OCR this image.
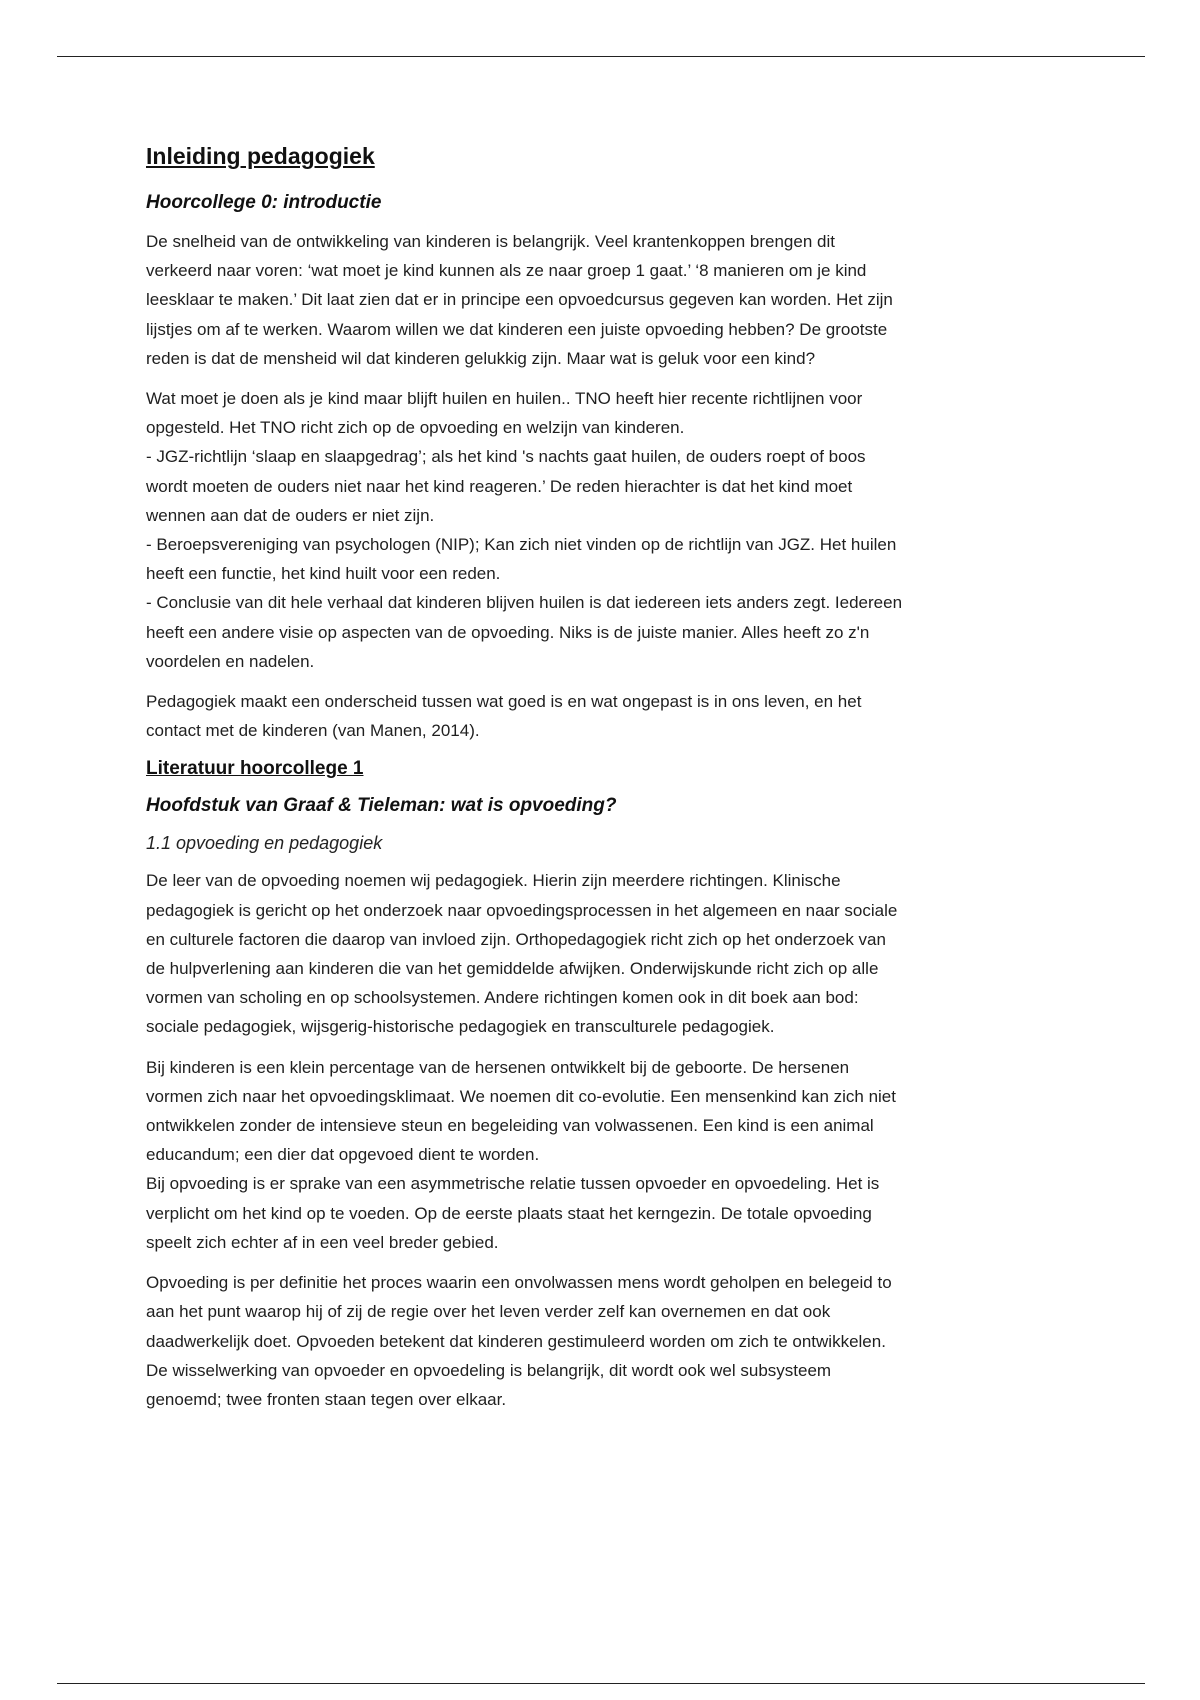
Inleiding pedagogiek
Hoorcollege 0: introductie

De snelheid van de ontwikkeling van kinderen is belangrijk. Veel krantenkoppen brengen dit
verkeerd naar voren: ‘wat moet je kind kunnen als ze naar groep 1 gaat.’ ‘8 manieren om je kind
leesklaar te maken.’ Dit laat zien dat er in principe een opvoedcursus gegeven kan worden. Het zijn
lijstjes om af te werken. Waarom willen we dat kinderen een juiste opvoeding hebben? De grootste
reden is dat de mensheid wil dat kinderen gelukkig zijn. Maar wat is geluk voor een kind?

Wat moet je doen als je kind maar blijft huilen en huilen.. TNO heeft hier recente richtlijnen voor
opgesteld. Het TNO richt zich op de opvoeding en welzijn van kinderen.
- JGZ-richtlijn ‘slaap en slaapgedrag’; als het kind 's nachts gaat huilen, de ouders roept of boos
wordt moeten de ouders niet naar het kind reageren.’ De reden hierachter is dat het kind moet
wennen aan dat de ouders er niet zijn.
- Beroepsvereniging van psychologen (NIP); Kan zich niet vinden op de richtlijn van JGZ. Het huilen
heeft een functie, het kind huilt voor een reden.
- Conclusie van dit hele verhaal dat kinderen blijven huilen is dat iedereen iets anders zegt. Iedereen
heeft een andere visie op aspecten van de opvoeding. Niks is de juiste manier. Alles heeft zo z'n
voordelen en nadelen.

Pedagogiek maakt een onderscheid tussen wat goed is en wat ongepast is in ons leven, en het
contact met de kinderen (van Manen, 2014).

Literatuur hoorcollege 1
Hoofdstuk van Graaf & Tieleman: wat is opvoeding?
1.1 opvoeding en pedagogiek

De leer van de opvoeding noemen wij pedagogiek. Hierin zijn meerdere richtingen. Klinische
pedagogiek is gericht op het onderzoek naar opvoedingsprocessen in het algemeen en naar sociale
en culturele factoren die daarop van invloed zijn. Orthopedagogiek richt zich op het onderzoek van
de hulpverlening aan kinderen die van het gemiddelde afwijken. Onderwijskunde richt zich op alle
vormen van scholing en op schoolsystemen. Andere richtingen komen ook in dit boek aan bod:
sociale pedagogiek, wijsgerig-historische pedagogiek en transculturele pedagogiek.

Bij kinderen is een klein percentage van de hersenen ontwikkelt bij de geboorte. De hersenen
vormen zich naar het opvoedingsklimaat. We noemen dit co-evolutie. Een mensenkind kan zich niet
ontwikkelen zonder de intensieve steun en begeleiding van volwassenen. Een kind is een animal
educandum; een dier dat opgevoed dient te worden.
Bij opvoeding is er sprake van een asymmetrische relatie tussen opvoeder en opvoedeling. Het is
verplicht om het kind op te voeden. Op de eerste plaats staat het kerngezin. De totale opvoeding
speelt zich echter af in een veel breder gebied.

Opvoeding is per definitie het proces waarin een onvolwassen mens wordt geholpen en belegeid to
aan het punt waarop hij of zij de regie over het leven verder zelf kan overnemen en dat ook
daadwerkelijk doet. Opvoeden betekent dat kinderen gestimuleerd worden om zich te ontwikkelen.
De wisselwerking van opvoeder en opvoedeling is belangrijk, dit wordt ook wel subsysteem
genoemd; twee fronten staan tegen over elkaar.
